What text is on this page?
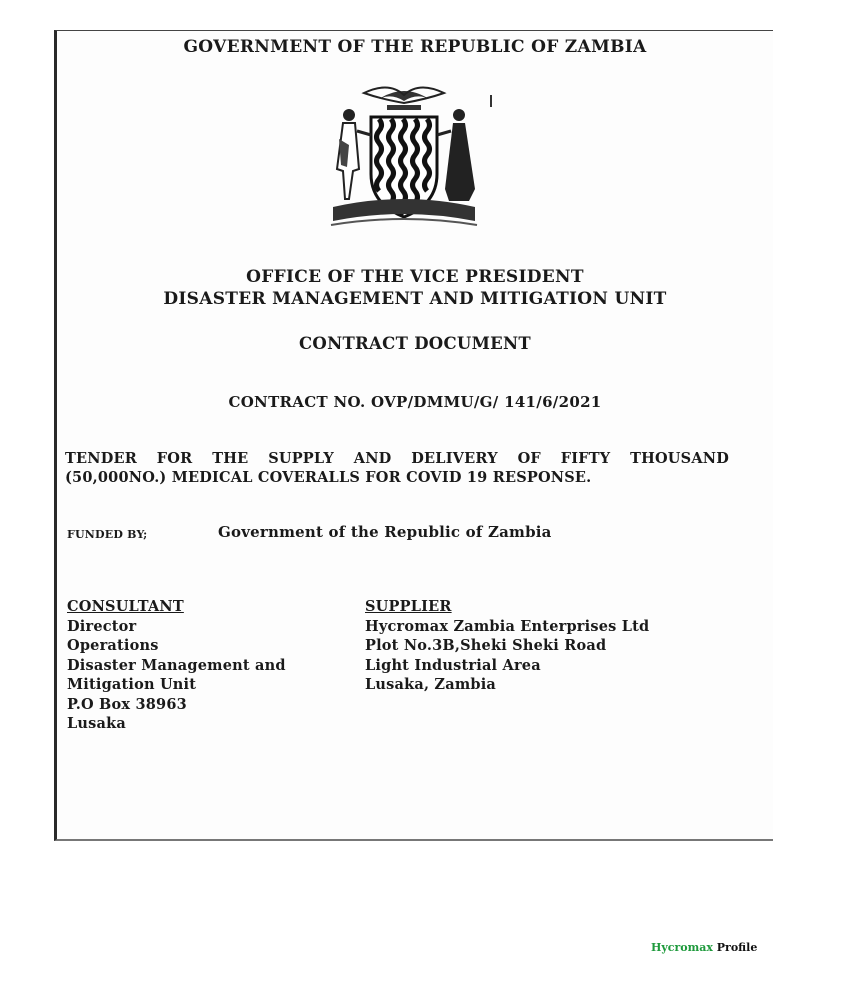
GOVERNMENT OF THE REPUBLIC OF ZAMBIA
OFFICE OF THE VICE PRESIDENT
DISASTER MANAGEMENT AND MITIGATION UNIT
CONTRACT DOCUMENT
CONTRACT NO. OVP/DMMU/G/ 141/6/2021
TENDER FOR THE SUPPLY AND DELIVERY OF FIFTY THOUSAND
(50,000NO.) MEDICAL COVERALLS FOR COVID 19 RESPONSE.
FUNDED BY;	Government of the Republic of Zambia
CONSULTANT
Director
Operations
Disaster Management and
Mitigation Unit
P.O Box 38963
Lusaka
SUPPLIER
Hycromax Zambia Enterprises Ltd
Plot No.3B,Sheki Sheki Road
Light Industrial Area
Lusaka, Zambia
Hycromax Profile
